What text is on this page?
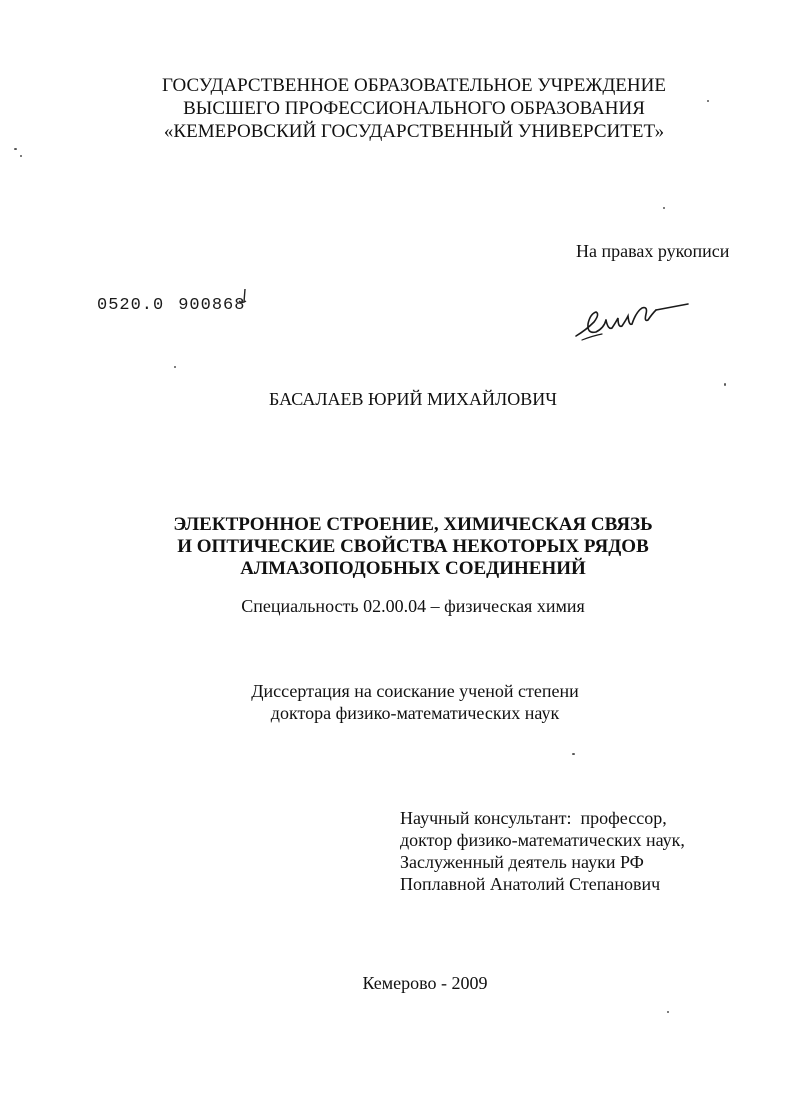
ГОСУДАРСТВЕННОЕ ОБРАЗОВАТЕЛЬНОЕ УЧРЕЖДЕНИЕ
ВЫСШЕГО ПРОФЕССИОНАЛЬНОГО ОБРАЗОВАНИЯ
«КЕМЕРОВСКИЙ ГОСУДАРСТВЕННЫЙ УНИВЕРСИТЕТ»
На правах рукописи
0520.0 900868
БАСАЛАЕВ ЮРИЙ МИХАЙЛОВИЧ
ЭЛЕКТРОННОЕ СТРОЕНИЕ, ХИМИЧЕСКАЯ СВЯЗЬ
И ОПТИЧЕСКИЕ СВОЙСТВА НЕКОТОРЫХ РЯДОВ
АЛМАЗОПОДОБНЫХ СОЕДИНЕНИЙ
Специальность 02.00.04 – физическая химия
Диссертация на соискание ученой степени
доктора физико-математических наук
Научный консультант:  профессор,
доктор физико-математических наук,
Заслуженный деятель науки РФ
Поплавной Анатолий Степанович
Кемерово - 2009
